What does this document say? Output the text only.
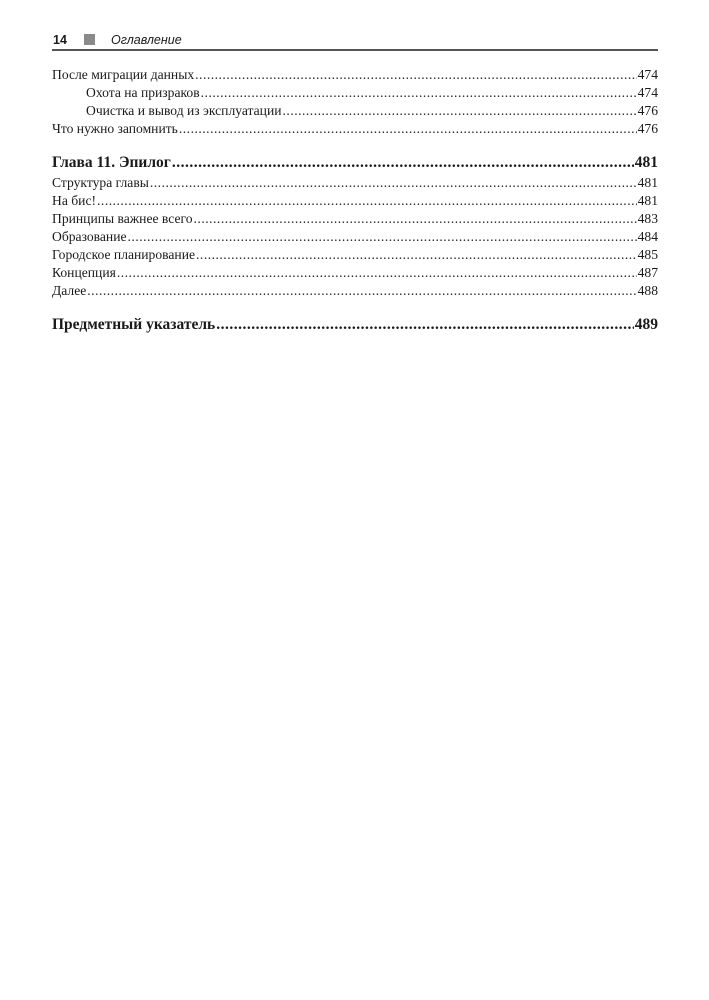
14	Оглавление
После миграции данных .....	474
Охота на призраков .....	474
Очистка и вывод из эксплуатации .....	476
Что нужно запомнить .....	476
Глава 11. Эпилог .....	481
Структура главы .....	481
На бис! .....	481
Принципы важнее всего .....	483
Образование .....	484
Городское планирование .....	485
Концепция .....	487
Далее .....	488
Предметный указатель .....	489
